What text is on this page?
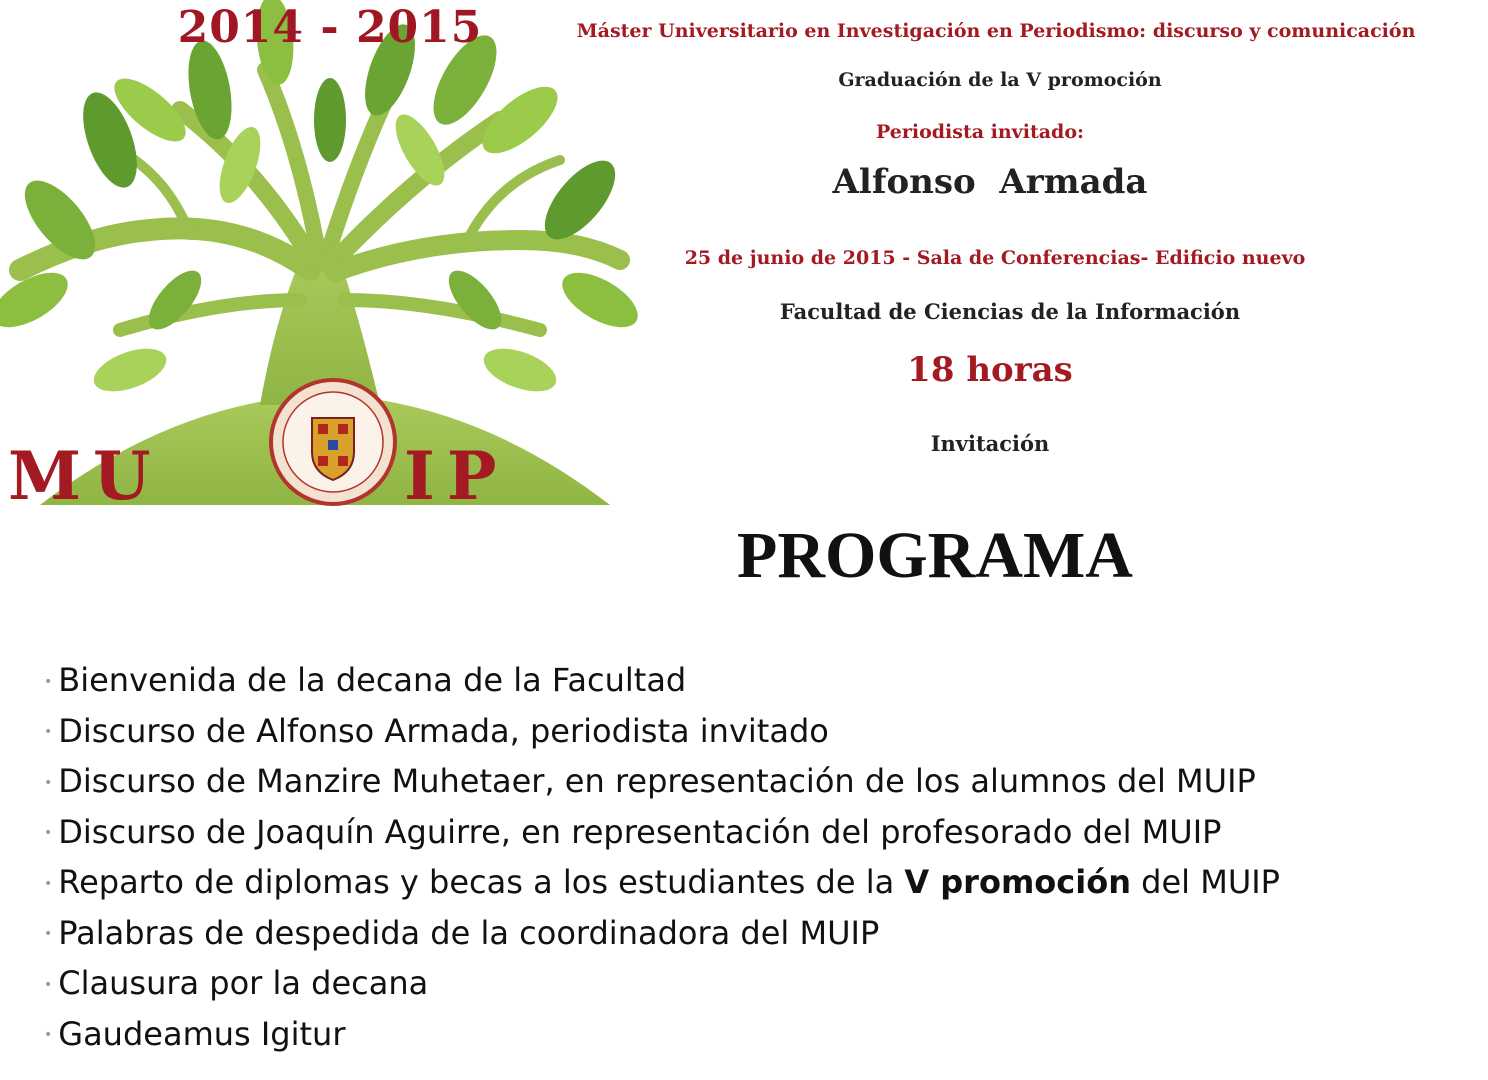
2014 - 2015
MU	IP
Máster Universitario en Investigación en Periodismo: discurso y comunicación
Graduación de la V promoción
Periodista invitado:
Alfonso  Armada
25 de junio de 2015 - Sala de Conferencias- Edificio nuevo
Facultad de Ciencias de la Información
18 horas
Invitación
PROGRAMA
• Bienvenida de la decana de la Facultad
• Discurso de Alfonso Armada, periodista invitado
• Discurso de Manzire Muhetaer, en representación de los alumnos del MUIP
• Discurso de Joaquín Aguirre, en representación del profesorado del MUIP
• Reparto de diplomas y becas a los estudiantes de la V promoción del MUIP
• Palabras de despedida de la coordinadora del MUIP
• Clausura por la decana
• Gaudeamus Igitur
